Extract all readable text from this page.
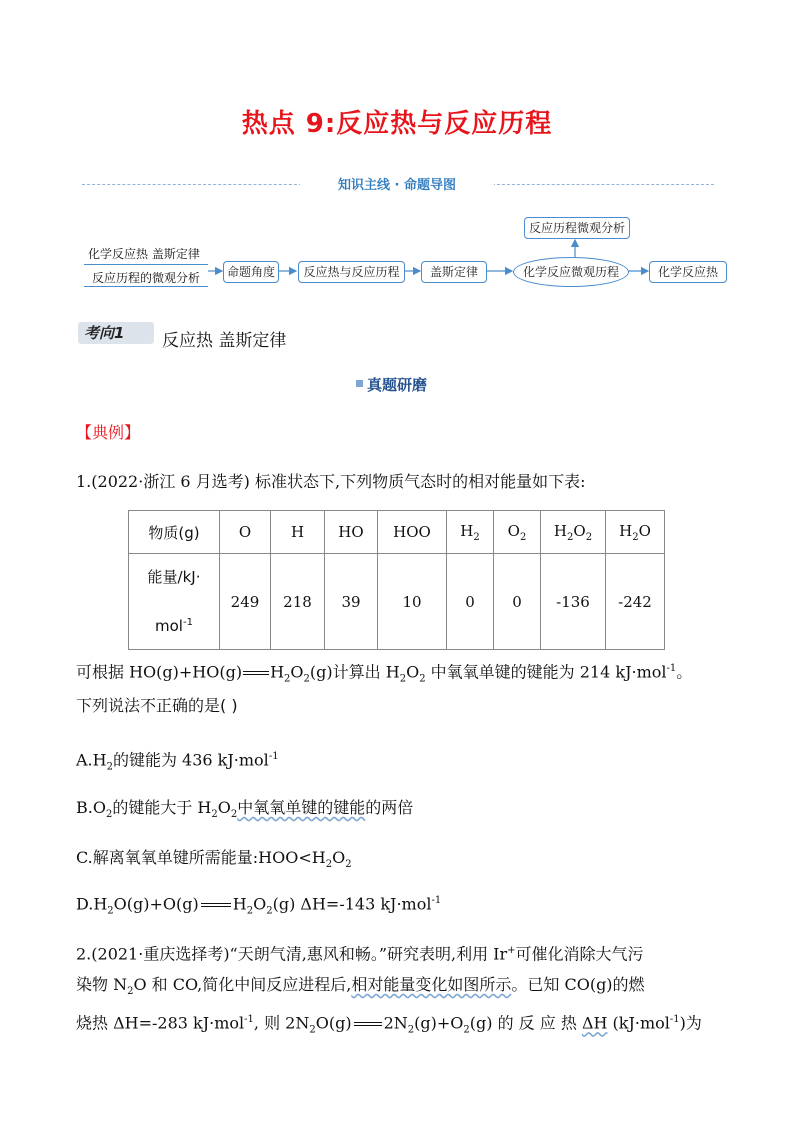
热点 9:反应热与反应历程
知识主线 · 命题导图
化学反应热 盖斯定律
反应历程的微观分析	命题角度	反应热与反应历程	盖斯定律	化学反应微观历程
反应历程微观分析
化学反应热
考向1	反应热 盖斯定律
真题研磨
【典例】
1.(2022·浙江 6 月选考) 标准状态下,下列物质气态时的相对能量如下表:
物质(g)	O	H	HO	HOO	$H_2$	$O_2$	$H_2O_2$	$H_2O$
能量/kJ·
mol$^{-1}$	249	218	39	10	0	0	-136	-242
可根据 HO(g)+HO(g) $H_2O_2(g)$计算出 $H_2O_2$ 中氧氧单键的键能为 214 kJ·mol$^{-1}$。
下列说法不正确的是( )
$A.H_2$的键能为 436 kJ·mol$^{-1}$
$B.O_2$的键能大于 $H_2O_2$中氧氧单键的键能的两倍
C.解离氧氧单键所需能量$:HOO<H_2O_2$
$D.H_2O(g)+O(g)$ $H_2O_2(g)$ ΔH=-143 kJ·mol$^{-1}$
2.(2021·重庆选择考)“天朗气清,惠风和畅。”研究表明,利用 Ir+可催化消除大气污
染物 $N_2O$ 和 CO,简化中间反应进程后,相对能量变化如图所示。已知 CO(g)的燃
烧热 ΔH=-283 kJ·mol$^{-1}$, 则 $2N_2O(g)$ $2N_2(g)+O_2(g)$ 的 反 应 热 ΔH (kJ·mol$^{-1}$)为
